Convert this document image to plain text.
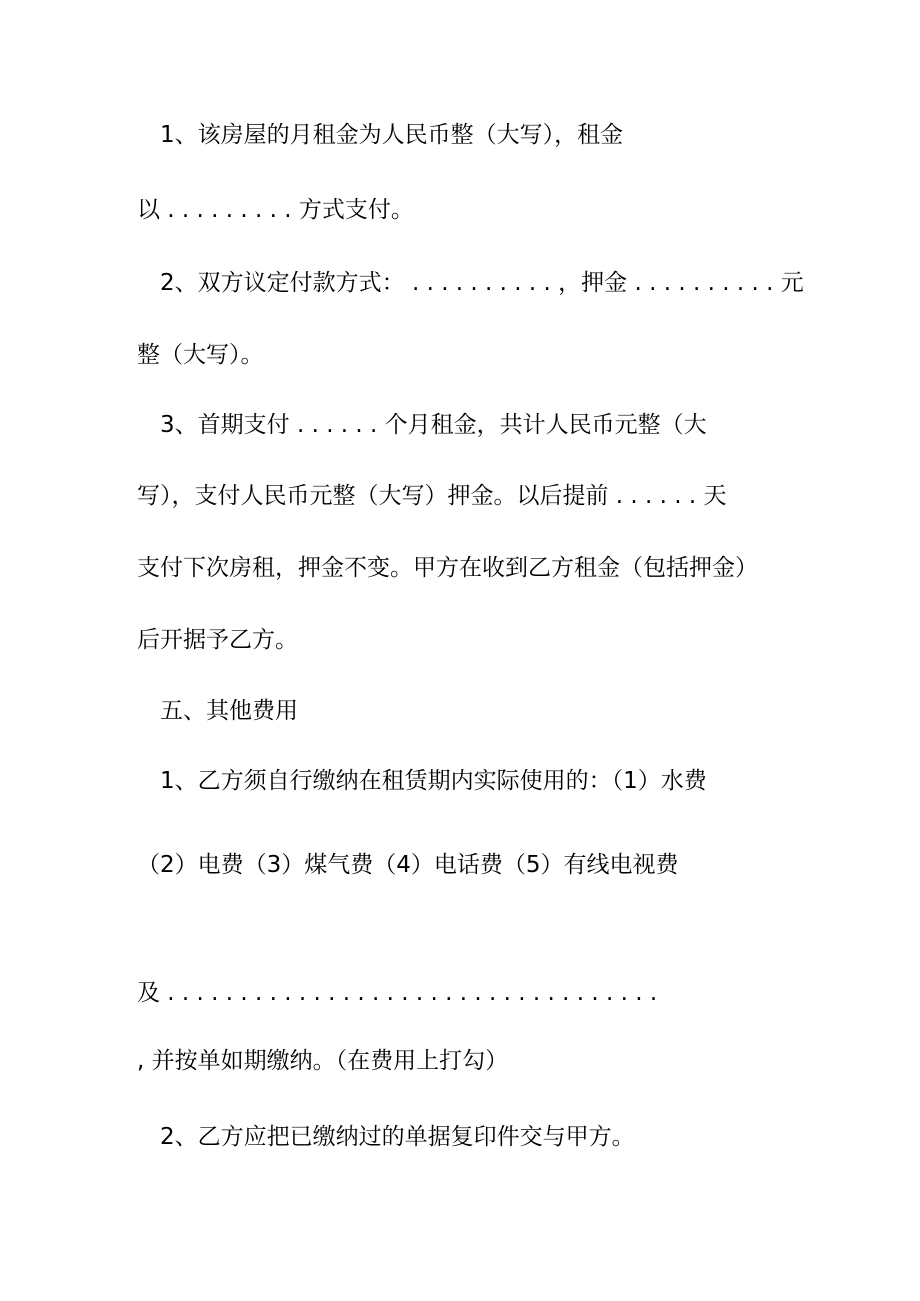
1、该房屋的月租金为人民币整（大写），租金

以 . . . . . . . . . 方式支付。

2、双方议定付款方式： . . . . . . . . . . ，押金 . . . . . . . . . . 元

整（大写）。

3、首期支付 . . . . . . 个月租金，共计人民币元整（大

写），支付人民币元整（大写）押金。以后提前 . . . . . . 天

支付下次房租，押金不变。甲方在收到乙方租金（包括押金）

后开据予乙方。

五、其他费用

1、乙方须自行缴纳在租赁期内实际使用的：（1）水费

（2）电费（3）煤气费（4）电话费（5）有线电视费

及 . . . . . . . . . . . . . . . . . . . . . . . . . . . . . . . . . .

, 并按单如期缴纳。（在费用上打勾）

2、乙方应把已缴纳过的单据复印件交与甲方。
